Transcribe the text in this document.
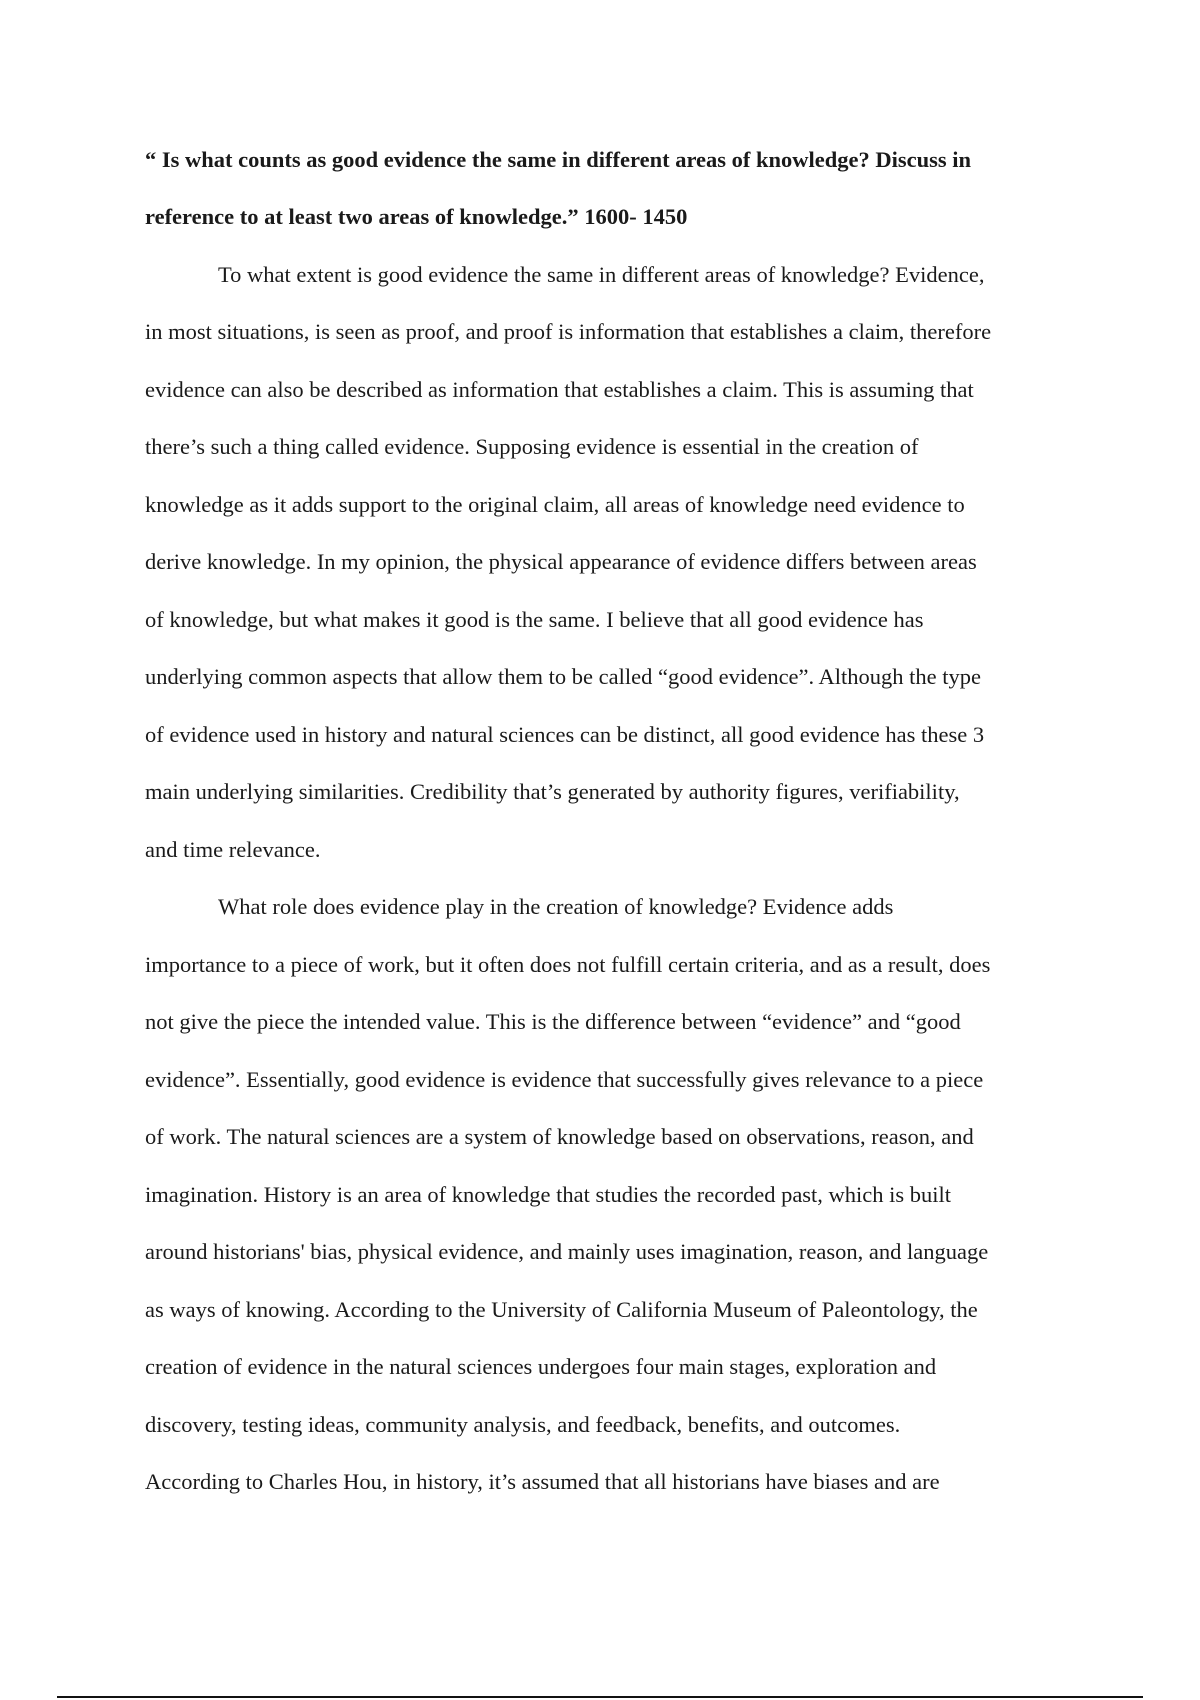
“ Is what counts as good evidence the same in different areas of knowledge? Discuss in
reference to at least two areas of knowledge.” 1600- 1450
To what extent is good evidence the same in different areas of knowledge? Evidence,
in most situations, is seen as proof, and proof is information that establishes a claim, therefore
evidence can also be described as information that establishes a claim. This is assuming that
there’s such a thing called evidence. Supposing evidence is essential in the creation of
knowledge as it adds support to the original claim, all areas of knowledge need evidence to
derive knowledge. In my opinion, the physical appearance of evidence differs between areas
of knowledge, but what makes it good is the same. I believe that all good evidence has
underlying common aspects that allow them to be called “good evidence”. Although the type
of evidence used in history and natural sciences can be distinct, all good evidence has these 3
main underlying similarities. Credibility that’s generated by authority figures, verifiability,
and time relevance.
What role does evidence play in the creation of knowledge? Evidence adds
importance to a piece of work, but it often does not fulfill certain criteria, and as a result, does
not give the piece the intended value. This is the difference between “evidence” and “good
evidence”. Essentially, good evidence is evidence that successfully gives relevance to a piece
of work. The natural sciences are a system of knowledge based on observations, reason, and
imagination. History is an area of knowledge that studies the recorded past, which is built
around historians' bias, physical evidence, and mainly uses imagination, reason, and language
as ways of knowing. According to the University of California Museum of Paleontology, the
creation of evidence in the natural sciences undergoes four main stages, exploration and
discovery, testing ideas, community analysis, and feedback, benefits, and outcomes.
According to Charles Hou, in history, it’s assumed that all historians have biases and are
